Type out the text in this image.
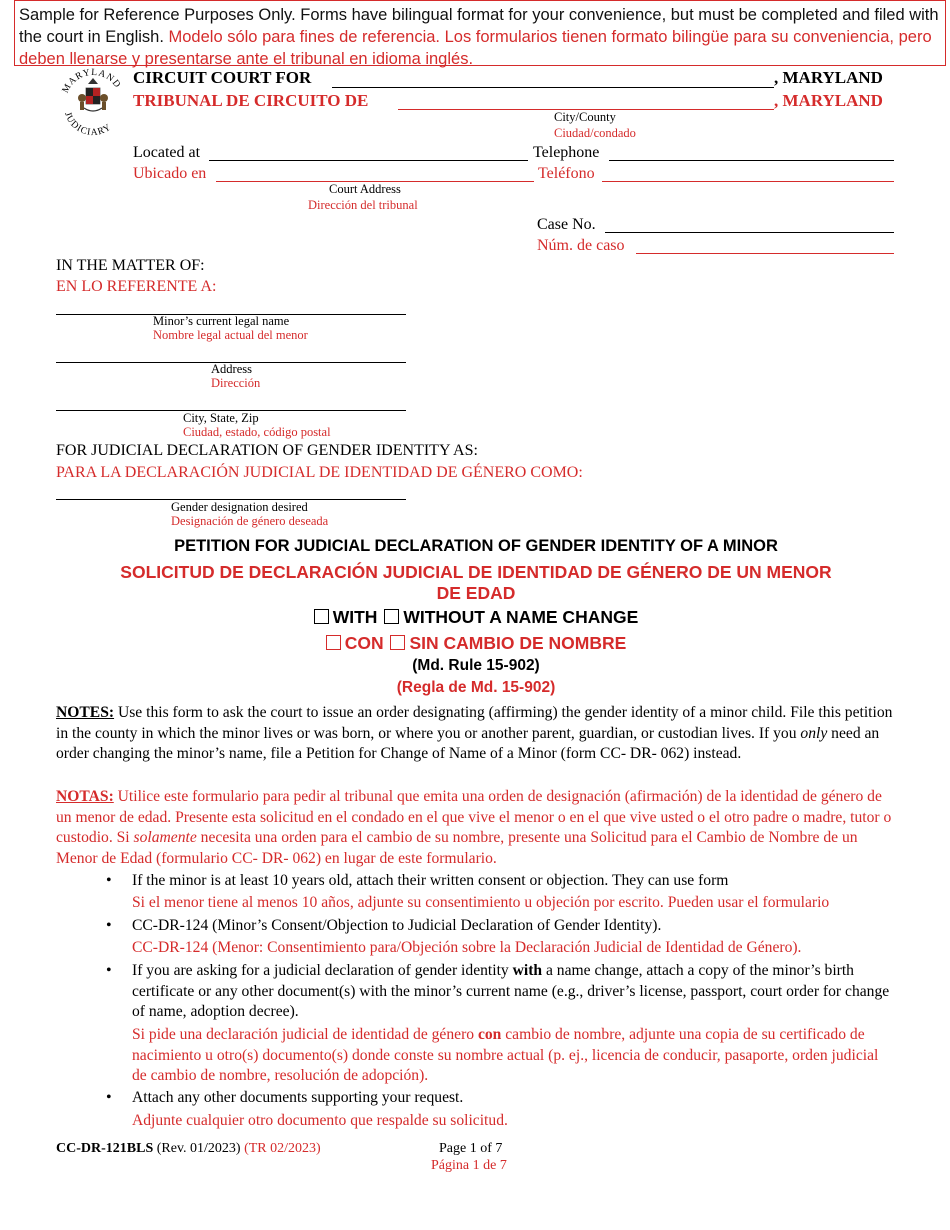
Sample for Reference Purposes Only. Forms have bilingual format for your convenience, but must be completed and filed with the court in English. Modelo sólo para fines de referencia. Los formularios tienen formato bilingüe para su conveniencia, pero deben llenarse y presentarse ante el tribunal en idioma inglés.
MARYLAND
JUDICIARY
CIRCUIT COURT FOR	, MARYLAND
TRIBUNAL DE CIRCUITO DE	, MARYLAND
City/County
Ciudad/condado
Located at	Telephone
Ubicado en	Teléfono
Court Address
Dirección del tribunal
Case No.
Núm. de caso
IN THE MATTER OF:
EN LO REFERENTE A:
Minor’s current legal name
Nombre legal actual del menor
Address
Dirección
City, State, Zip
Ciudad, estado, código postal
FOR JUDICIAL DECLARATION OF GENDER IDENTITY AS:
PARA LA DECLARACIÓN JUDICIAL DE IDENTIDAD DE GÉNERO COMO:
Gender designation desired
Designación de género deseada
PETITION FOR JUDICIAL DECLARATION OF GENDER IDENTITY OF A MINOR
SOLICITUD DE DECLARACIÓN JUDICIAL DE IDENTIDAD DE GÉNERO DE UN MENOR DE EDAD
WITH WITHOUT A NAME CHANGE
CON SIN CAMBIO DE NOMBRE
(Md. Rule 15-902)
(Regla de Md. 15-902)
NOTES: Use this form to ask the court to issue an order designating (affirming) the gender identity of a minor child. File this petition in the county in which the minor lives or was born, or where you or another parent, guardian, or custodian lives. If you only need an order changing the minor’s name, file a Petition for Change of Name of a Minor (form CC- DR- 062) instead.
NOTAS: Utilice este formulario para pedir al tribunal que emita una orden de designación (afirmación) de la identidad de género de un menor de edad. Presente esta solicitud en el condado en el que vive el menor o en el que vive usted o el otro padre o madre, tutor o custodio. Si solamente necesita una orden para el cambio de su nombre, presente una Solicitud para el Cambio de Nombre de un Menor de Edad (formulario CC- DR- 062) en lugar de este formulario.
• If the minor is at least 10 years old, attach their written consent or objection. They can use form
Si el menor tiene al menos 10 años, adjunte su consentimiento u objeción por escrito. Pueden usar el formulario
• CC-DR-124 (Minor’s Consent/Objection to Judicial Declaration of Gender Identity).
CC-DR-124 (Menor: Consentimiento para/Objeción sobre la Declaración Judicial de Identidad de Género).
• If you are asking for a judicial declaration of gender identity with a name change, attach a copy of the minor’s birth certificate or any other document(s) with the minor’s current name (e.g., driver’s license, passport, court order for change of name, adoption decree).
Si pide una declaración judicial de identidad de género con cambio de nombre, adjunte una copia de su certificado de nacimiento u otro(s) documento(s) donde conste su nombre actual (p. ej., licencia de conducir, pasaporte, orden judicial de cambio de nombre, resolución de adopción).
• Attach any other documents supporting your request.
Adjunte cualquier otro documento que respalde su solicitud.
CC-DR-121BLS (Rev. 01/2023) (TR 02/2023)	Page 1 of 7
Página 1 de 7
